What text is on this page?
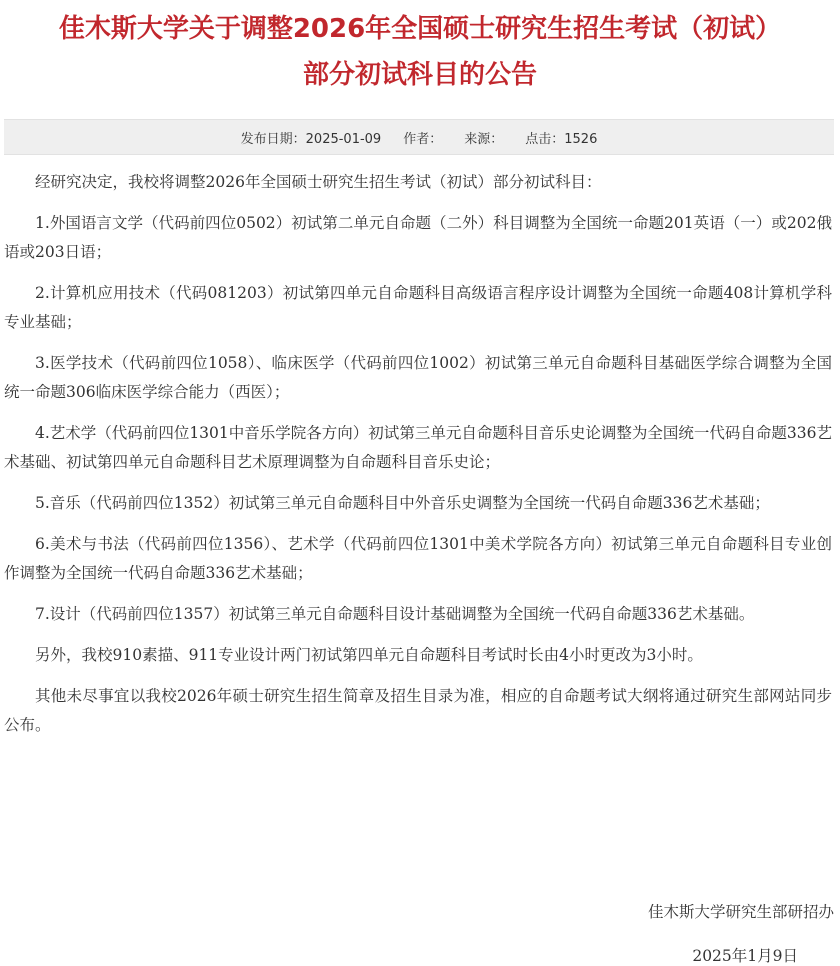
佳木斯大学关于调整2026年全国硕士研究生招生考试（初试）
部分初试科目的公告
发布日期：2025-01-09 作者： 来源： 点击：1526

经研究决定，我校将调整2026年全国硕士研究生招生考试（初试）部分初试科目：

1.外国语言文学（代码前四位0502）初试第二单元自命题（二外）科目调整为全国统一命题201英语（一）或202俄语或203日语；

2.计算机应用技术（代码081203）初试第四单元自命题科目高级语言程序设计调整为全国统一命题408计算机学科专业基础；

3.医学技术（代码前四位1058）、临床医学（代码前四位1002）初试第三单元自命题科目基础医学综合调整为全国统一命题306临床医学综合能力（西医）；

4.艺术学（代码前四位1301中音乐学院各方向）初试第三单元自命题科目音乐史论调整为全国统一代码自命题336艺术基础、初试第四单元自命题科目艺术原理调整为自命题科目音乐史论；

5.音乐（代码前四位1352）初试第三单元自命题科目中外音乐史调整为全国统一代码自命题336艺术基础；

6.美术与书法（代码前四位1356）、艺术学（代码前四位1301中美术学院各方向）初试第三单元自命题科目专业创作调整为全国统一代码自命题336艺术基础；

7.设计（代码前四位1357）初试第三单元自命题科目设计基础调整为全国统一代码自命题336艺术基础。

另外，我校910素描、911专业设计两门初试第四单元自命题科目考试时长由4小时更改为3小时。

其他未尽事宜以我校2026年硕士研究生招生简章及招生目录为准，相应的自命题考试大纲将通过研究生部网站同步公布。

佳木斯大学研究生部研招办
2025年1月9日
